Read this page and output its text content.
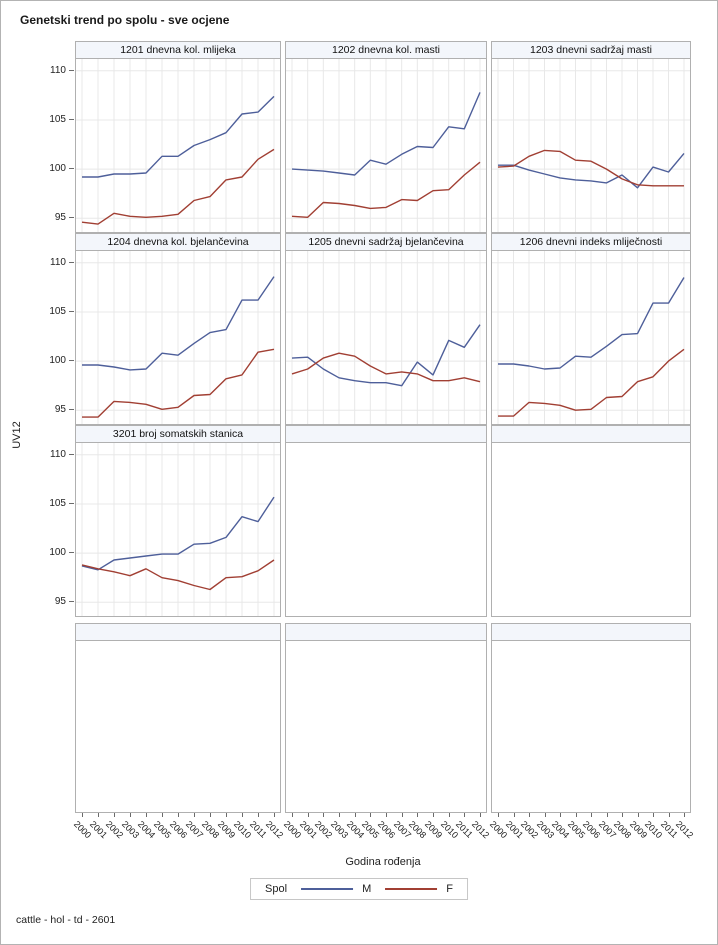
Genetski trend po spolu - sve ocjene
1201 dnevna kol. mlijeka	1202 dnevna kol. masti	1203 dnevni sadržaj masti
1204 dnevna kol. bjelančevina	1205 dnevni sadržaj bjelančevina	1206 dnevni indeks mliječnosti
3201 broj somatskih stanica
110
105
100
95
110
105
100
95
110
105
100
95
2000
2001
2002
2003
2004
2005
2006
2007
2008
2009
2010
2011
2012
2000
2001
2002
2003
2004
2005
2006
2007
2008
2009
2010
2011
2012
2000
2001
2002
2003
2004
2005
2006
2007
2008
2009
2010
2011
2012
UV12
Godina rođenja
Spol	M	F
cattle - hol - td - 2601
